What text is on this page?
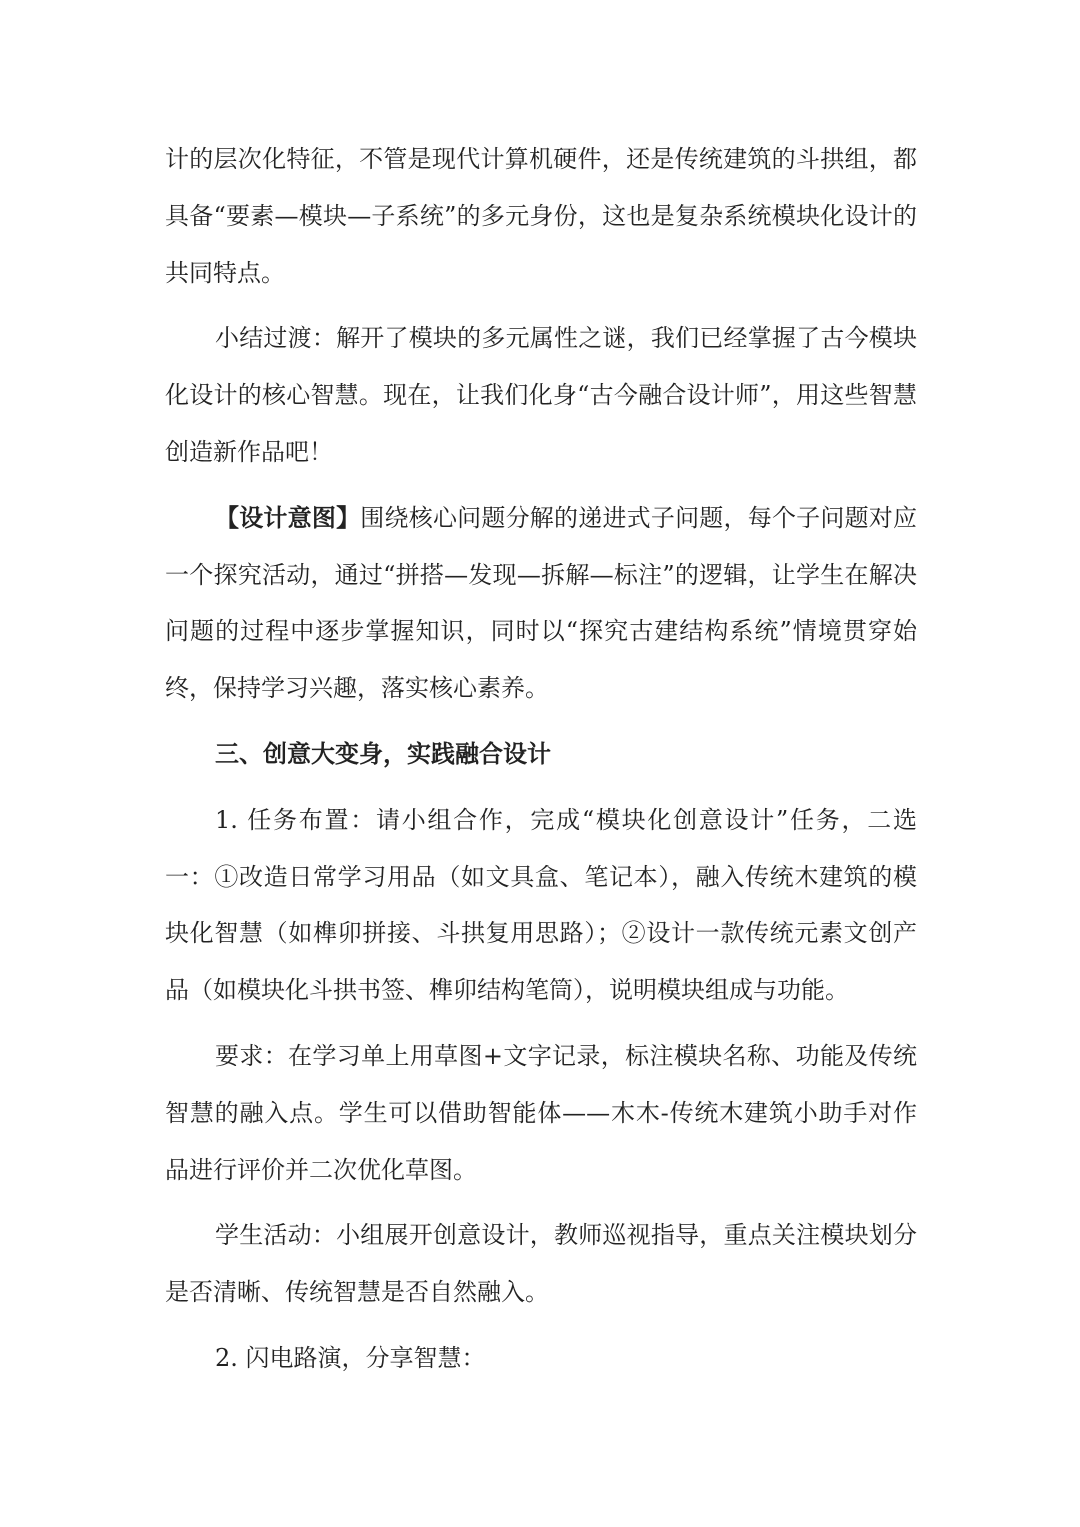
计的层次化特征，不管是现代计算机硬件，还是传统建筑的斗拱组，都具备“要素—模块—子系统”的多元身份，这也是复杂系统模块化设计的共同特点。

小结过渡：解开了模块的多元属性之谜，我们已经掌握了古今模块化设计的核心智慧。现在，让我们化身“古今融合设计师”，用这些智慧创造新作品吧！

【设计意图】围绕核心问题分解的递进式子问题，每个子问题对应一个探究活动，通过“拼搭—发现—拆解—标注”的逻辑，让学生在解决问题的过程中逐步掌握知识，同时以“探究古建结构系统”情境贯穿始终，保持学习兴趣，落实核心素养。

三、创意大变身，实践融合设计

1. 任务布置：请小组合作，完成“模块化创意设计”任务，二选一：①改造日常学习用品（如文具盒、笔记本），融入传统木建筑的模块化智慧（如榫卯拼接、斗拱复用思路）；②设计一款传统元素文创产品（如模块化斗拱书签、榫卯结构笔筒），说明模块组成与功能。

要求：在学习单上用草图+文字记录，标注模块名称、功能及传统智慧的融入点。学生可以借助智能体——木木-传统木建筑小助手对作品进行评价并二次优化草图。

学生活动：小组展开创意设计，教师巡视指导，重点关注模块划分是否清晰、传统智慧是否自然融入。

2. 闪电路演，分享智慧：
